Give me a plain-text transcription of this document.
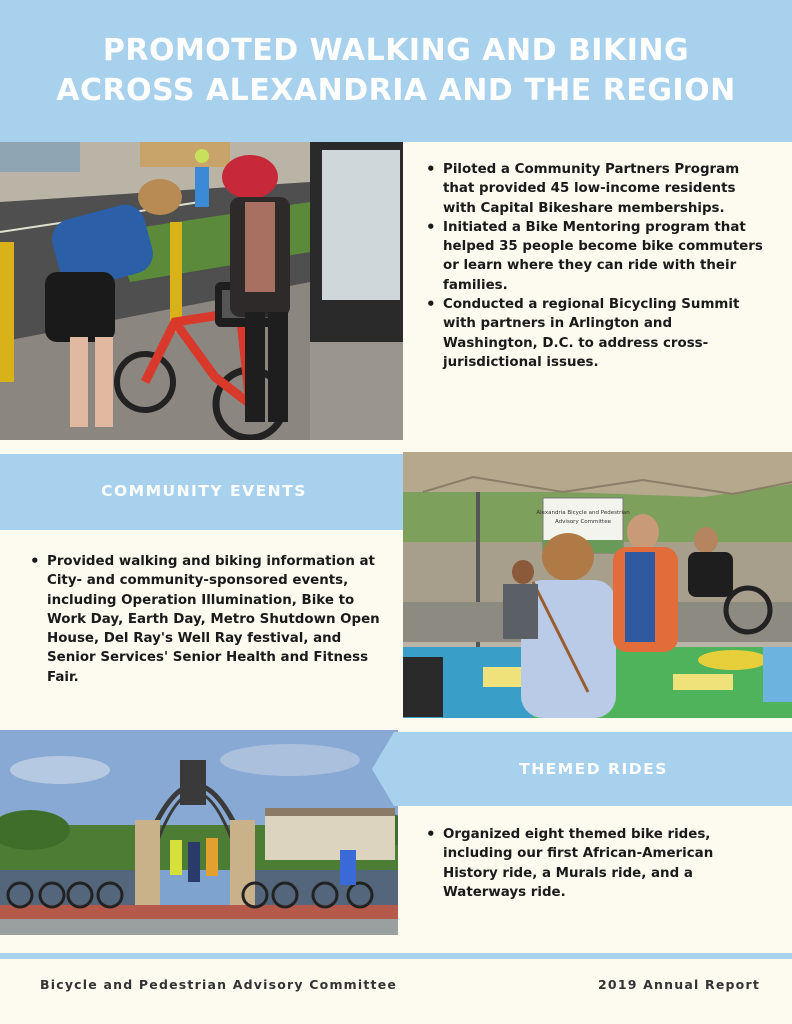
PROMOTED WALKING AND BIKING
ACROSS ALEXANDRIA AND THE REGION
• Piloted a Community Partners Program that provided 45 low-income residents with Capital Bikeshare memberships.
• Initiated a Bike Mentoring program that helped 35 people become bike commuters or learn where they can ride with their families.
• Conducted a regional Bicycling Summit with partners in Arlington and Washington, D.C. to address cross-jurisdictional issues.
COMMUNITY EVENTS
• Provided walking and biking information at City- and community-sponsored events, including Operation Illumination, Bike to Work Day, Earth Day, Metro Shutdown Open House, Del Ray's Well Ray festival, and Senior Services' Senior Health and Fitness Fair.
Alexandria Bicycle and Pedestrian
Advisory Committee
THEMED RIDES
• Organized eight themed bike rides, including our first African-American History ride, a Murals ride, and a Waterways ride.
Bicycle and Pedestrian Advisory Committee	2019 Annual Report
